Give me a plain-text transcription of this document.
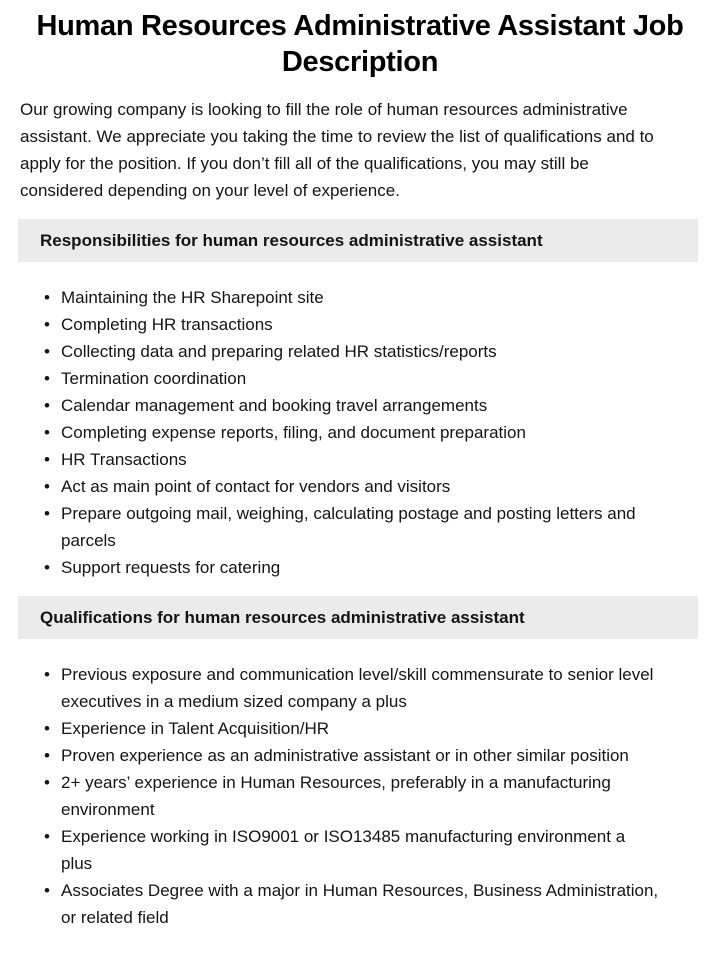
Human Resources Administrative Assistant Job Description

Our growing company is looking to fill the role of human resources administrative assistant. We appreciate you taking the time to review the list of qualifications and to apply for the position. If you don’t fill all of the qualifications, you may still be considered depending on your level of experience.

Responsibilities for human resources administrative assistant
• Maintaining the HR Sharepoint site
• Completing HR transactions
• Collecting data and preparing related HR statistics/reports
• Termination coordination
• Calendar management and booking travel arrangements
• Completing expense reports, filing, and document preparation
• HR Transactions
• Act as main point of contact for vendors and visitors
• Prepare outgoing mail, weighing, calculating postage and posting letters and parcels
• Support requests for catering
Qualifications for human resources administrative assistant
• Previous exposure and communication level/skill commensurate to senior level executives in a medium sized company a plus
• Experience in Talent Acquisition/HR
• Proven experience as an administrative assistant or in other similar position
• 2+ years’ experience in Human Resources, preferably in a manufacturing environment
• Experience working in ISO9001 or ISO13485 manufacturing environment a plus
• Associates Degree with a major in Human Resources, Business Administration, or related field
